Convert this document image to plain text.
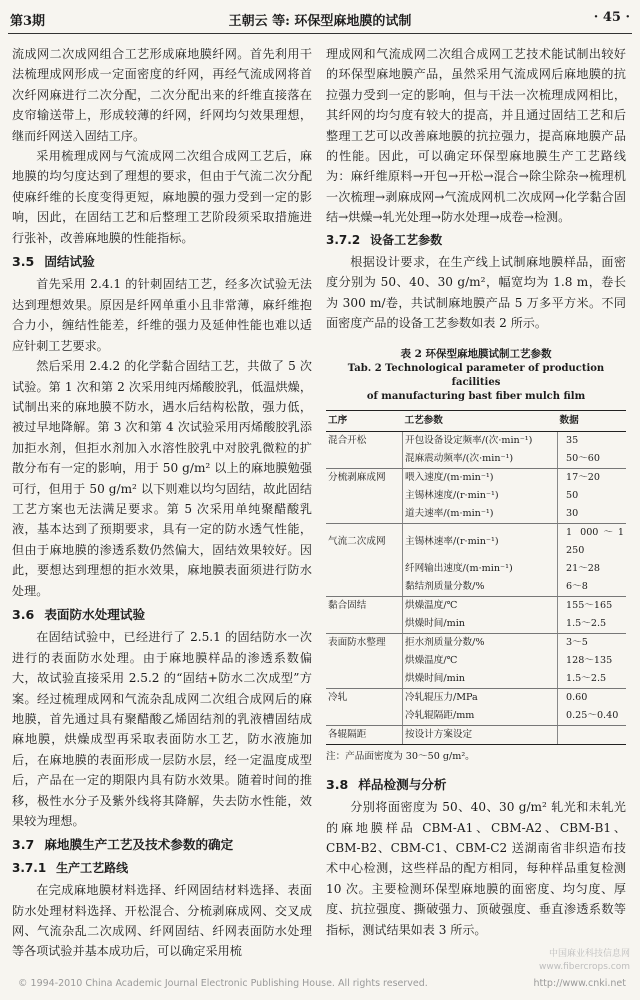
第3期	王朝云 等: 环保型麻地膜的试制	· 45 ·

流成网二次成网组合工艺形成麻地膜纤网。首先利用干法梳理成网形成一定面密度的纤网，再经气流成网将首次纤网麻进行二次分配，二次分配出来的纤维直接落在皮帘输送带上，形成较薄的纤网，纤网均匀效果理想，继而纤网送入固结工序。

采用梳理成网与气流成网二次组合成网工艺后，麻地膜的均匀度达到了理想的要求，但由于气流二次分配使麻纤维的长度变得更短，麻地膜的强力受到一定的影响，因此，在固结工艺和后整理工艺阶段须采取措施进行张补，改善麻地膜的性能指标。

3.5 固结试验

首先采用 2.4.1 的针刺固结工艺，经多次试验无法达到理想效果。原因是纤网单重小且非常薄，麻纤维抱合力小，缠结性能差，纤维的强力及延伸性能也难以适应针刺工艺要求。

然后采用 2.4.2 的化学黏合固结工艺，共做了 5 次试验。第 1 次和第 2 次采用纯丙烯酸胶乳，低温烘燥，试制出来的麻地膜不防水，遇水后结构松散，强力低，被过早地降解。第 3 次和第 4 次试验采用丙烯酸胶乳添加拒水剂，但拒水剂加入水溶性胶乳中对胶乳微粒的扩散分布有一定的影响，用于 50 g/m² 以上的麻地膜勉强可行，但用于 50 g/m² 以下则难以均匀固结，故此固结工艺方案也无法满足要求。第 5 次采用单纯聚醋酸乳液，基本达到了预期要求，具有一定的防水透气性能，但由于麻地膜的渗透系数仍然偏大，固结效果较好。因此，要想达到理想的拒水效果，麻地膜表面须进行防水处理。

3.6 表面防水处理试验

在固结试验中，已经进行了 2.5.1 的固结防水一次进行的表面防水处理。由于麻地膜样品的渗透系数偏大，故试验直接采用 2.5.2 的“固结+防水二次成型”方案。经过梳理成网和气流杂乱成网二次组合成网后的麻地膜，首先通过具有聚醋酸乙烯固结剂的乳液槽固结成麻地膜，烘燥成型再采取表面防水工艺，防水液施加后，在麻地膜的表面形成一层防水层，经一定温度成型后，产品在一定的期限内具有防水效果。随着时间的推移，极性水分子及紫外线将其降解，失去防水性能，效果较为理想。

3.7 麻地膜生产工艺及技术参数的确定
3.7.1 生产工艺路线

在完成麻地膜材料选择、纤网固结材料选择、表面防水处理材料选择、开松混合、分梳剥麻成网、交叉成网、气流杂乱二次成网、纤网固结、纤网表面防水处理等各项试验并基本成功后，可以确定采用梳

理成网和气流成网二次组合成网工艺技术能试制出较好的环保型麻地膜产品，虽然采用气流成网后麻地膜的抗拉强力受到一定的影响，但与干法一次梳理成网相比，其纤网的均匀度有较大的提高，并且通过固结工艺和后整理工艺可以改善麻地膜的抗拉强力，提高麻地膜产品的性能。因此，可以确定环保型麻地膜生产工艺路线为：麻纤维原料→开包→开松→混合→除尘除杂→梳理机一次梳理→剥麻成网→气流成网机二次成网→化学黏合固结→烘燥→轧光处理→防水处理→成卷→检测。

3.7.2 设备工艺参数

根据设计要求，在生产线上试制麻地膜样品，面密度分别为 50、40、30 g/m²，幅宽均为 1.8 m，卷长为 300 m/卷，共试制麻地膜产品 5 万多平方米。不同面密度产品的设备工艺参数如表 2 所示。

表 2 环保型麻地膜试制工艺参数
Tab. 2 Technological parameter of production facilities
of manufacturing bast fiber mulch film
工序	工艺参数	数据
混合开松	开包设备设定频率/(次·min⁻¹)	35
	混麻震动频率/(次·min⁻¹)	50～60
分梳剥麻成网	喂入速度/(m·min⁻¹)	17～20
	主锡林速度/(r·min⁻¹)	50
	道夫速率/(m·min⁻¹)	30
气流二次成网	主锡林速率/(r·min⁻¹)	1 000～1 250
	纤网输出速度/(m·min⁻¹)	21～28
	黏结剂质量分数/%	6～8
黏合固结	烘燥温度/℃	155～165
	烘燥时间/min	1.5～2.5
表面防水整理	拒水剂质量分数/%	3～5
	烘燥温度/℃	128～135
	烘燥时间/min	1.5～2.5
冷轧	冷轧辊压力/MPa	0.60
	冷轧辊隔距/mm	0.25～0.40
各辊隔距	按设计方案设定	
注：产品面密度为 30～50 g/m²。
3.8 样品检测与分析

分别将面密度为 50、40、30 g/m² 轧光和未轧光的麻地膜样品 CBM-A1、CBM-A2、CBM-B1、CBM-B2、CBM-C1、CBM-C2 送湖南省非织造布技术中心检测，这些样品的配方相同，每种样品重复检测 10 次。主要检测环保型麻地膜的面密度、均匀度、厚度、抗拉强度、撕破强力、顶破强度、垂直渗透系数等指标，测试结果如表 3 所示。

中国麻业科技信息网
www.fibercrops.com
© 1994-2010 China Academic Journal Electronic Publishing House. All rights reserved.	http://www.cnki.net
